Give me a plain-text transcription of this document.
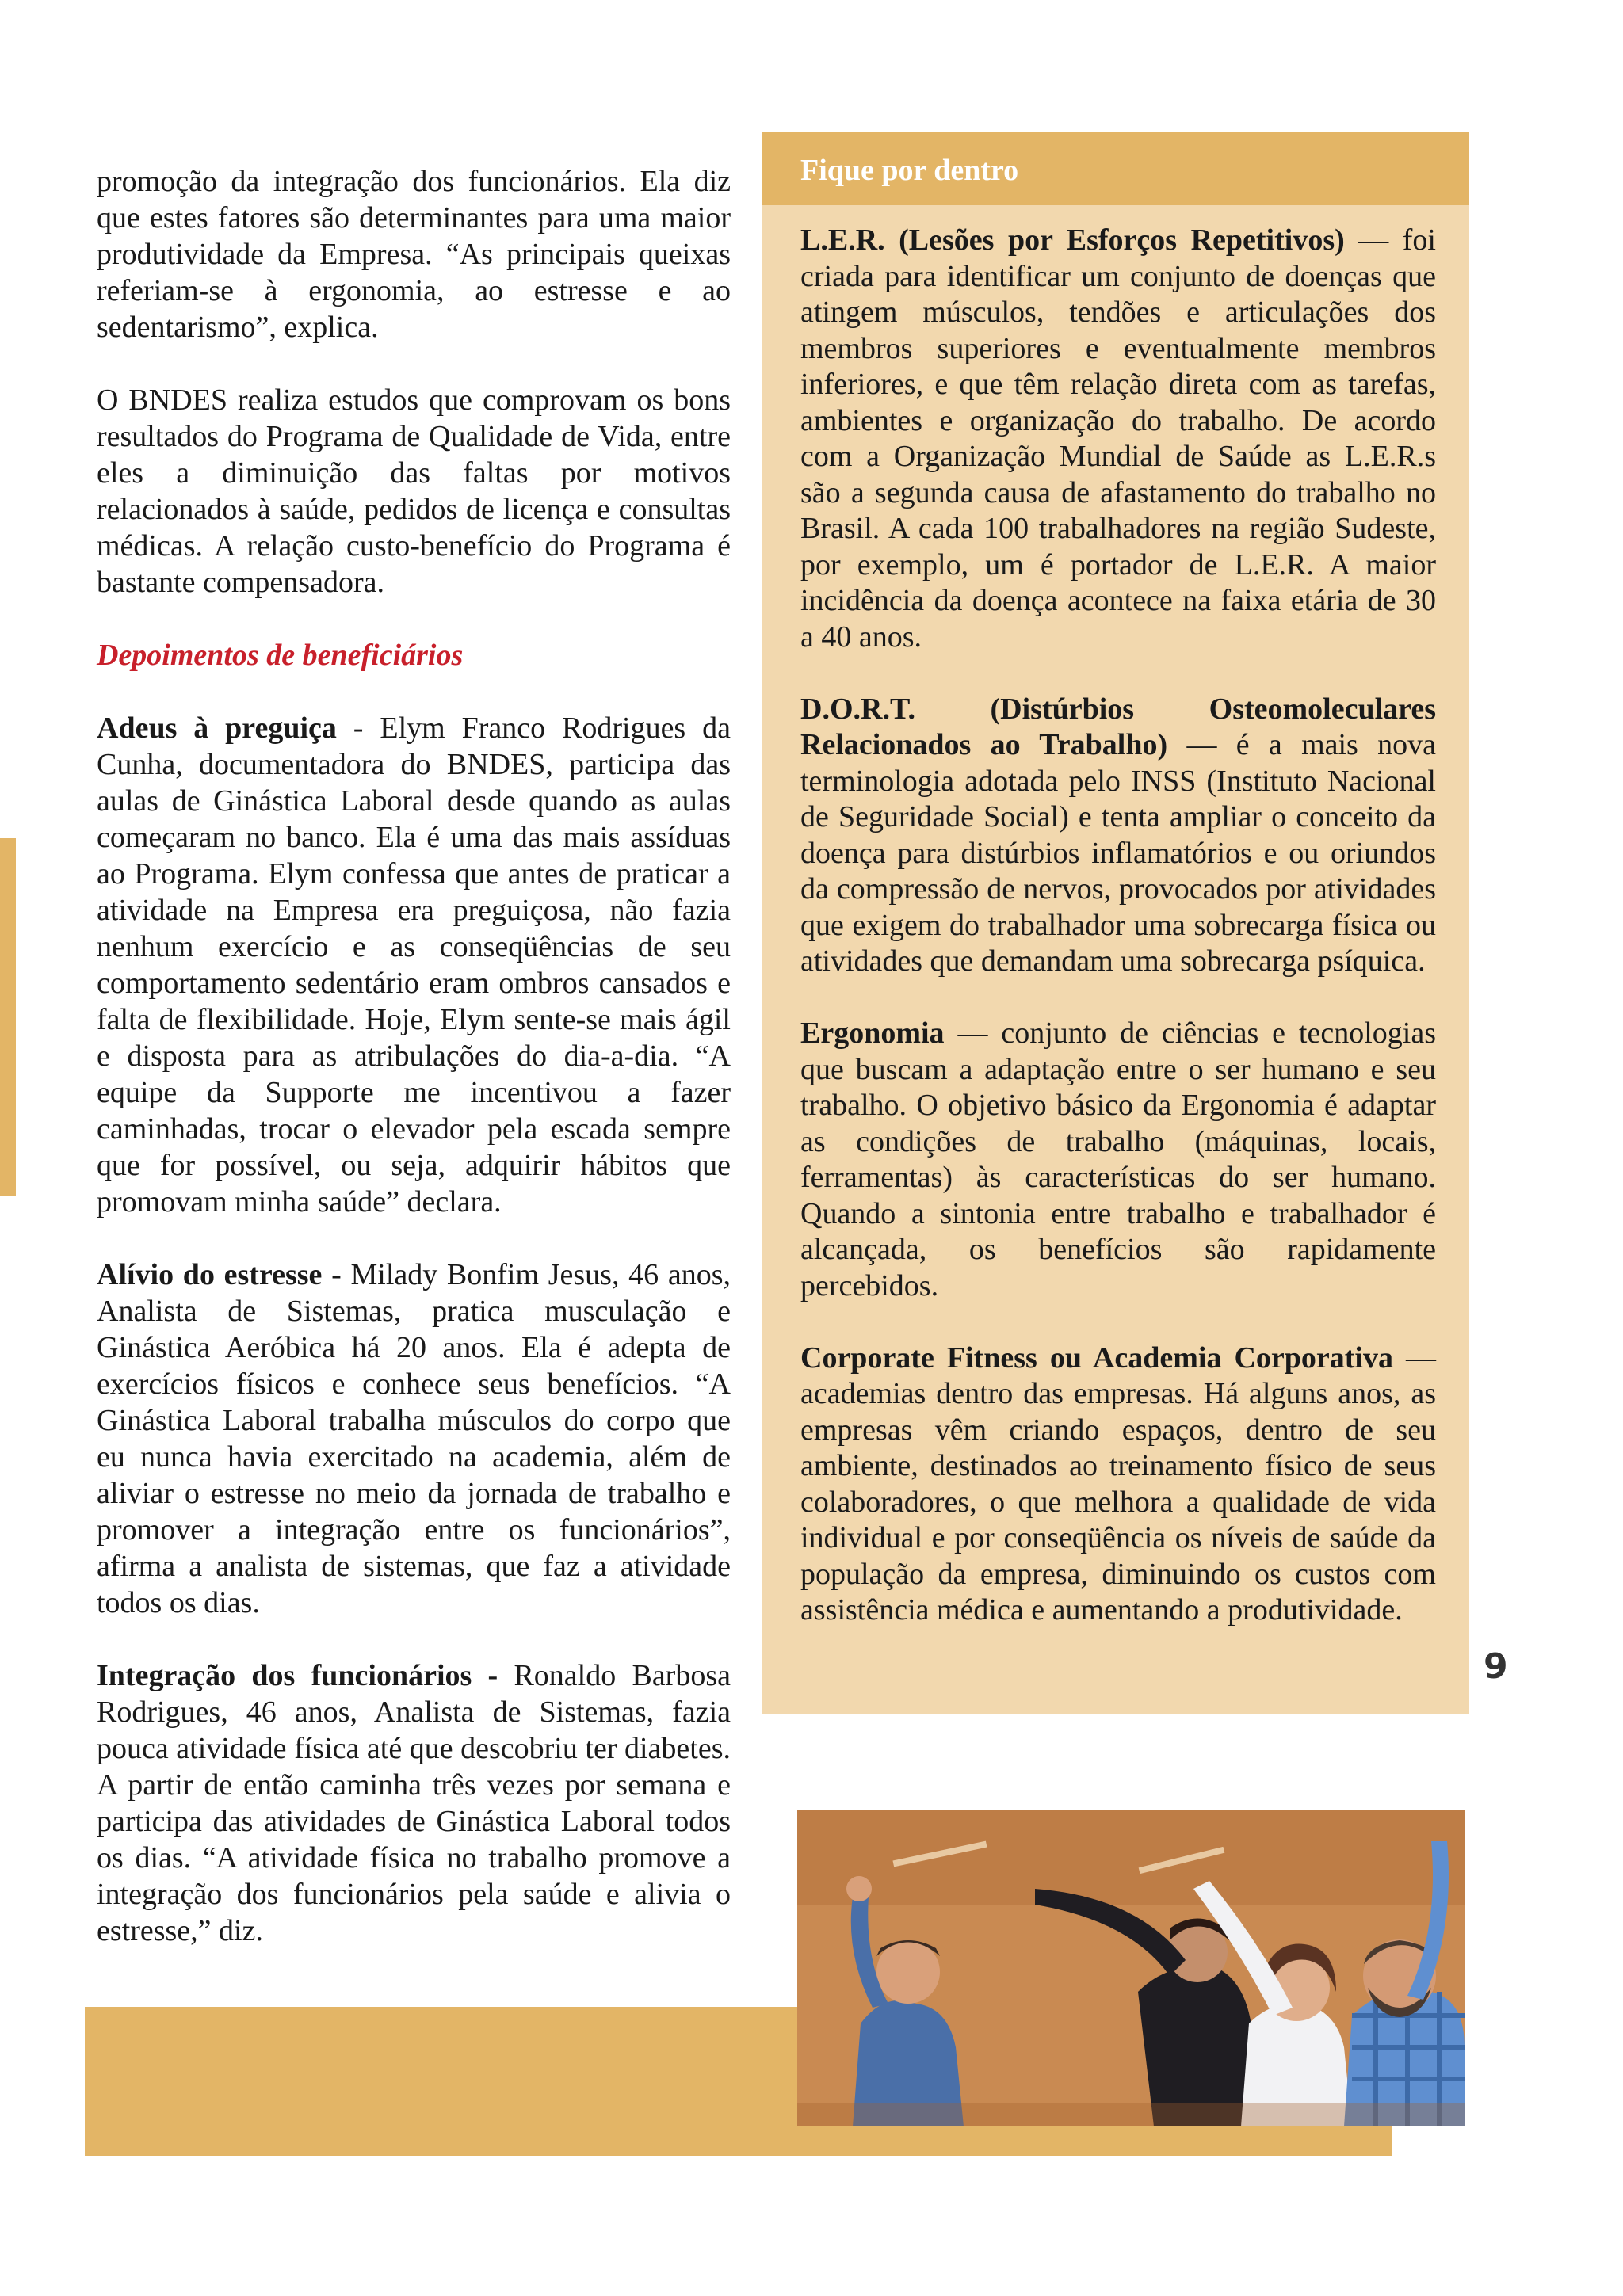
promoção da integração dos funcionários. Ela diz que estes fatores são determinantes para uma maior produtividade da Empresa. “As principais queixas referiam-se à ergonomia, ao estresse e ao sedentarismo”, explica.

O BNDES realiza estudos que comprovam os bons resultados do Programa de Qualidade de Vida, entre eles a diminuição das faltas por motivos relacionados à saúde, pedidos de licença e consultas médicas. A relação custo-benefício do Programa é bastante compensadora.

Depoimentos de beneficiários

Adeus à preguiça - Elym Franco Rodrigues da Cunha, documentadora do BNDES, participa das aulas de Ginástica Laboral desde quando as aulas começaram no banco. Ela é uma das mais assíduas ao Programa. Elym confessa que antes de praticar a atividade na Empresa era preguiçosa, não fazia nenhum exercício e as conseqüências de seu comportamento sedentário eram ombros cansados e falta de flexibilidade. Hoje, Elym sente-se mais ágil e disposta para as atribulações do dia-a-dia. “A equipe da Supporte me incentivou a fazer caminhadas, trocar o elevador pela escada sempre que for possível, ou seja, adquirir hábitos que promovam minha saúde” declara.

Alívio do estresse - Milady Bonfim Jesus, 46 anos, Analista de Sistemas, pratica musculação e Ginástica Aeróbica há 20 anos. Ela é adepta de exercícios físicos e conhece seus benefícios. “A Ginástica Laboral trabalha músculos do corpo que eu nunca havia exercitado na academia, além de aliviar o estresse no meio da jornada de trabalho e promover a integração entre os funcionários”, afirma a analista de sistemas, que faz a atividade todos os dias.

Integração dos funcionários - Ronaldo Barbosa Rodrigues, 46 anos, Analista de Sistemas, fazia pouca atividade física até que descobriu ter diabetes. A partir de então caminha três vezes por semana e participa das atividades de Ginástica Laboral todos os dias. “A atividade física no trabalho promove a integração dos funcionários pela saúde e alivia o estresse,” diz.

Fique por dentro

L.E.R. (Lesões por Esforços Repetitivos) — foi criada para identificar um conjunto de doenças que atingem músculos, tendões e articulações dos membros superiores e eventualmente membros inferiores, e que têm relação direta com as tarefas, ambientes e organização do trabalho. De acordo com a Organização Mundial de Saúde as L.E.R.s são a segunda causa de afastamento do trabalho no Brasil. A cada 100 trabalhadores na região Sudeste, por exemplo, um é portador de L.E.R. A maior incidência da doença acontece na faixa etária de 30 a 40 anos.

D.O.R.T. (Distúrbios Osteomoleculares Relacionados ao Trabalho) — é a mais nova terminologia adotada pelo INSS (Instituto Nacional de Seguridade Social) e tenta ampliar o conceito da doença para distúrbios inflamatórios e ou oriundos da compressão de nervos, provocados por atividades que exigem do trabalhador uma sobrecarga física ou atividades que demandam uma sobrecarga psíquica.

Ergonomia — conjunto de ciências e tecnologias que buscam a adaptação entre o ser humano e seu trabalho. O objetivo básico da Ergonomia é adaptar as condições de trabalho (máquinas, locais, ferramentas) às características do ser humano. Quando a sintonia entre trabalho e trabalhador é alcançada, os benefícios são rapidamente percebidos.

Corporate Fitness ou Academia Corporativa — academias dentro das empresas. Há alguns anos, as empresas vêm criando espaços, dentro de seu ambiente, destinados ao treinamento físico de seus colaboradores, o que melhora a qualidade de vida individual e por conseqüência os níveis de saúde da população da empresa, diminuindo os custos com assistência médica e aumentando a produtividade.

9
